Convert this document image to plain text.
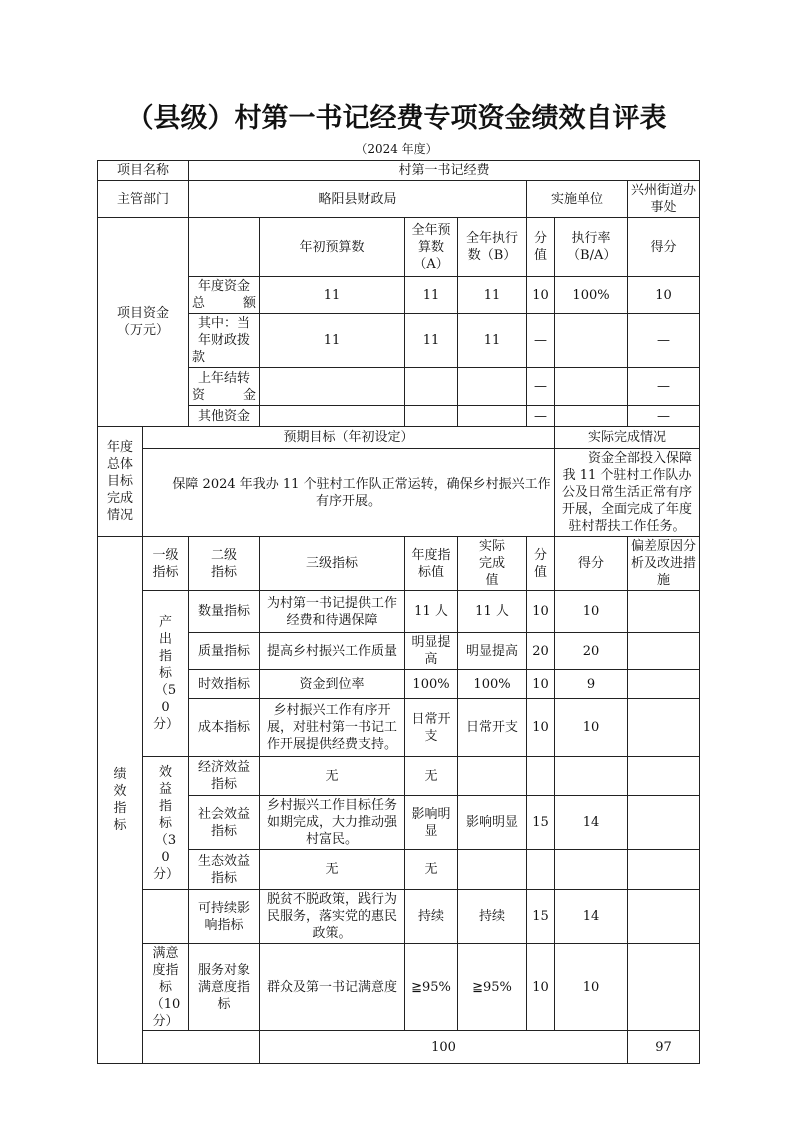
（县级）村第一书记经费专项资金绩效自评表
（2024 年度）
项目名称		村第一书记经费							
主管部门		略阳县财政局				实施单位		兴州街道办事处	
项目资金（万元）			年初预算数	全年预算数（A）	全年执行数（B）	分值	执行率（B/A）	得分	
		年度资金总额	11	11	11	10	100%	10	
		其中：当年财政拨款	11	11	11	—		—	
		上年结转资金				—		—	
		其他资金				—		—	
年度总体目标完成情况	预期目标（年初设定）						实际完成情况		
	保障 2024 年我办 11 个驻村工作队正常运转，确保乡村振兴工作有序开展。						资金全部投入保障我 11 个驻村工作队办公及日常生活正常有序开展，全面完成了年度驻村帮扶工作任务。		
绩效指标	一级指标	二级指标	三级指标	年度指标值	实际完成值	分值	得分	偏差原因分析及改进措施	
	产出指标（50 分）	数量指标	为村第一书记提供工作经费和待遇保障	11 人	11 人	10	10		
		质量指标	提高乡村振兴工作质量	明显提高	明显提高	20	20		
		时效指标	资金到位率	100%	100%	10	9		
		成本指标	乡村振兴工作有序开展，对驻村第一书记工作开展提供经费支持。	日常开支	日常开支	10	10		
	效益指标（30 分）	经济效益指标	无	无					
		社会效益指标	乡村振兴工作目标任务如期完成，大力推动强村富民。	影响明显	影响明显	15	14		
		生态效益指标	无	无					
		可持续影响指标	脱贫不脱政策，践行为民服务，落实党的惠民政策。	持续	持续	15	14		
	满意度指标（10 分）	服务对象满意度指标	群众及第一书记满意度	≧95%	≧95%	10	10		
			100					97	
